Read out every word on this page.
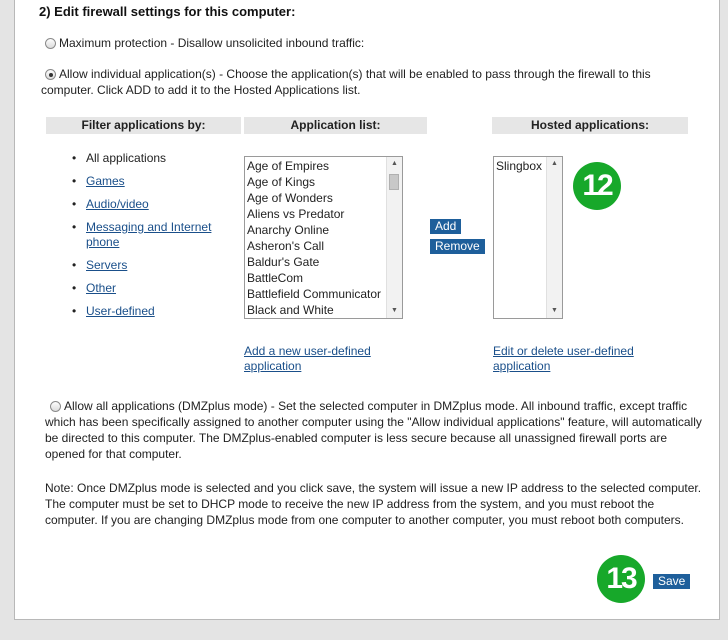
2) Edit firewall settings for this computer:
Maximum protection - Disallow unsolicited inbound traffic:
Allow individual application(s) - Choose the application(s) that will be enabled to pass through the firewall to this computer. Click ADD to add it to the Hosted Applications list.
Filter applications by:	Application list:	Hosted applications:
• All applications
• Games
• Audio/video
• Messaging and Internet phone
• Servers
• Other
• User-defined
Age of Empires
Age of Kings
Age of Wonders
Aliens vs Predator
Anarchy Online
Asheron's Call
Baldur's Gate
BattleCom
Battlefield Communicator
Black and White
▲
▼
Add
Remove
Slingbox	▲
▼
12
Add a new user-defined application
Edit or delete user-defined application
Allow all applications (DMZplus mode) - Set the selected computer in DMZplus mode. All inbound traffic, except traffic which has been specifically assigned to another computer using the "Allow individual applications" feature, will automatically be directed to this computer. The DMZplus-enabled computer is less secure because all unassigned firewall ports are opened for that computer.
Note: Once DMZplus mode is selected and you click save, the system will issue a new IP address to the selected computer. The computer must be set to DHCP mode to receive the new IP address from the system, and you must reboot the computer. If you are changing DMZplus mode from one computer to another computer, you must reboot both computers.
13	Save
